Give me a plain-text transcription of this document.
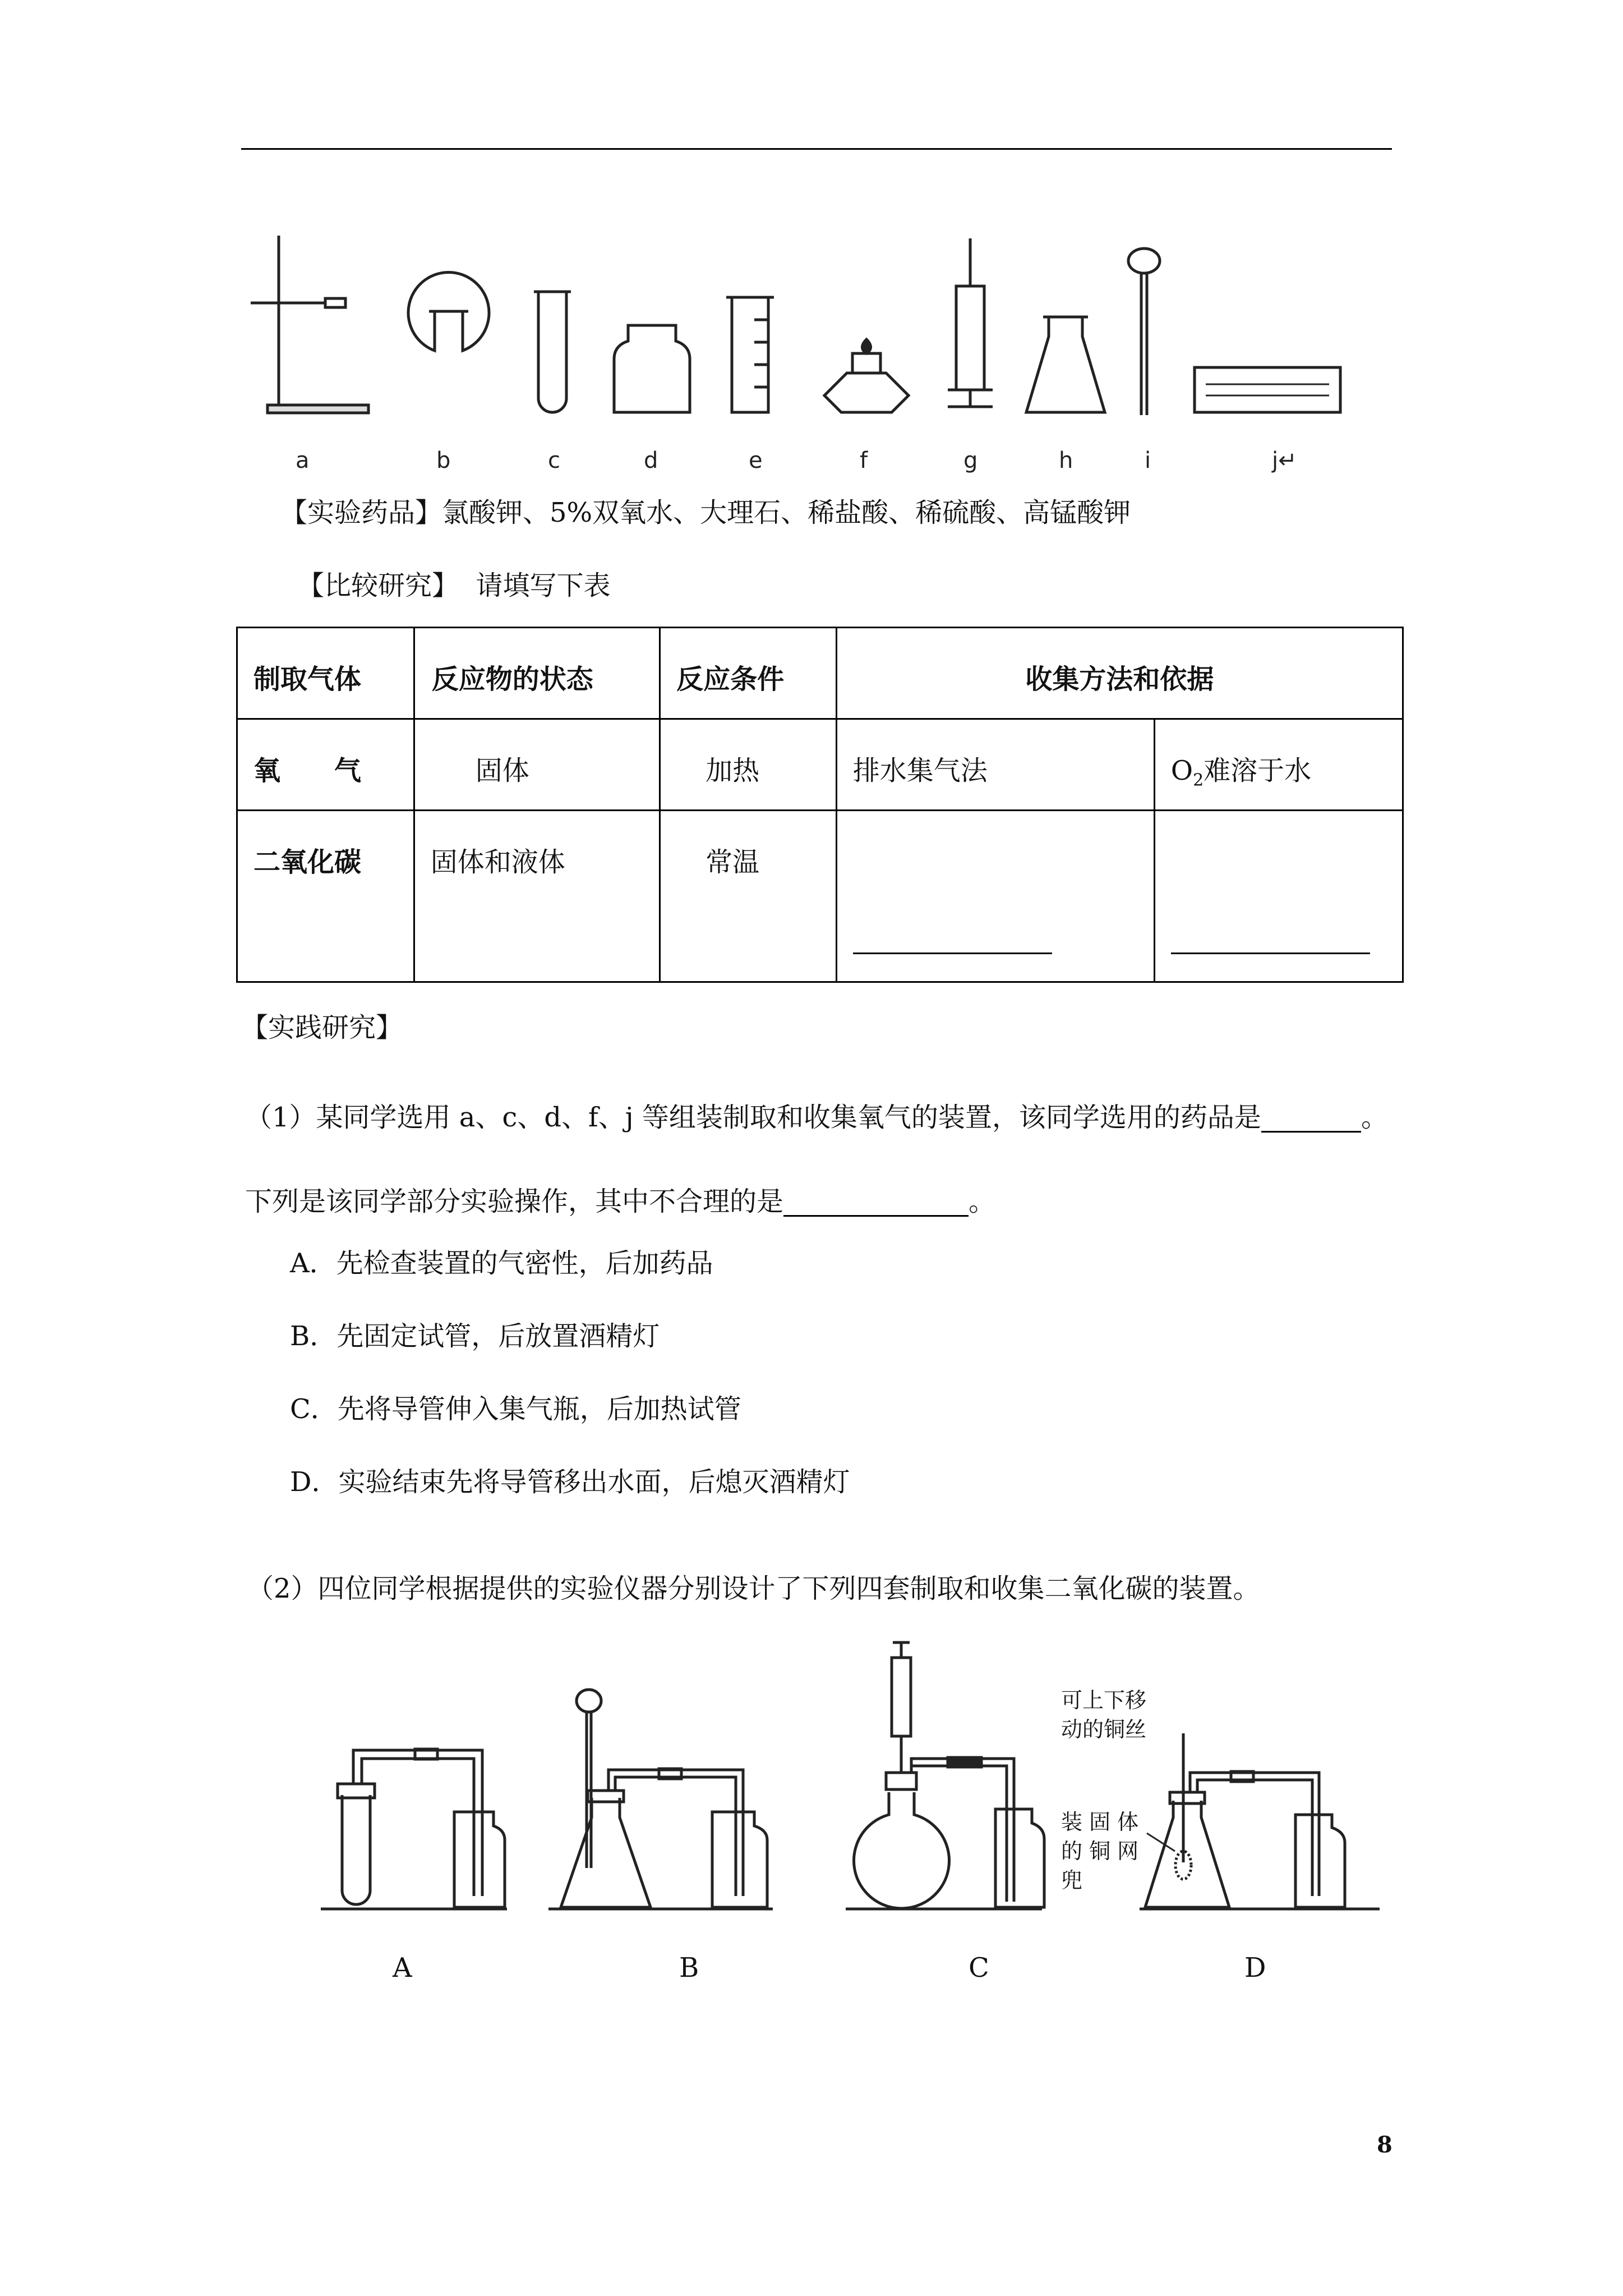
a	b	c	d	e	f	g	h	i	j↵
【实验药品】氯酸钾、5%双氧水、大理石、稀盐酸、稀硫酸、高锰酸钾
【比较研究】 请填写下表
制取气体	反应物的状态	反应条件	收集方法和依据	
氧　　气	固体	加热	排水集气法	$O_2$难溶于水
二氧化碳	固体和液体	常温	

【实践研究】
（1）某同学选用 a、c、d、f、j 等组装制取和收集氧气的装置，该同学选用的药品是	。
下列是该同学部分实验操作，其中不合理的是	。
A．先检查装置的气密性，后加药品
B．先固定试管，后放置酒精灯
C．先将导管伸入集气瓶，后加热试管
D．实验结束先将导管移出水面，后熄灭酒精灯
（2）四位同学根据提供的实验仪器分别设计了下列四套制取和收集二氧化碳的装置。
可上下移
动的铜丝
装 固 体
的 铜 网
兜
A	B	C	D
8
